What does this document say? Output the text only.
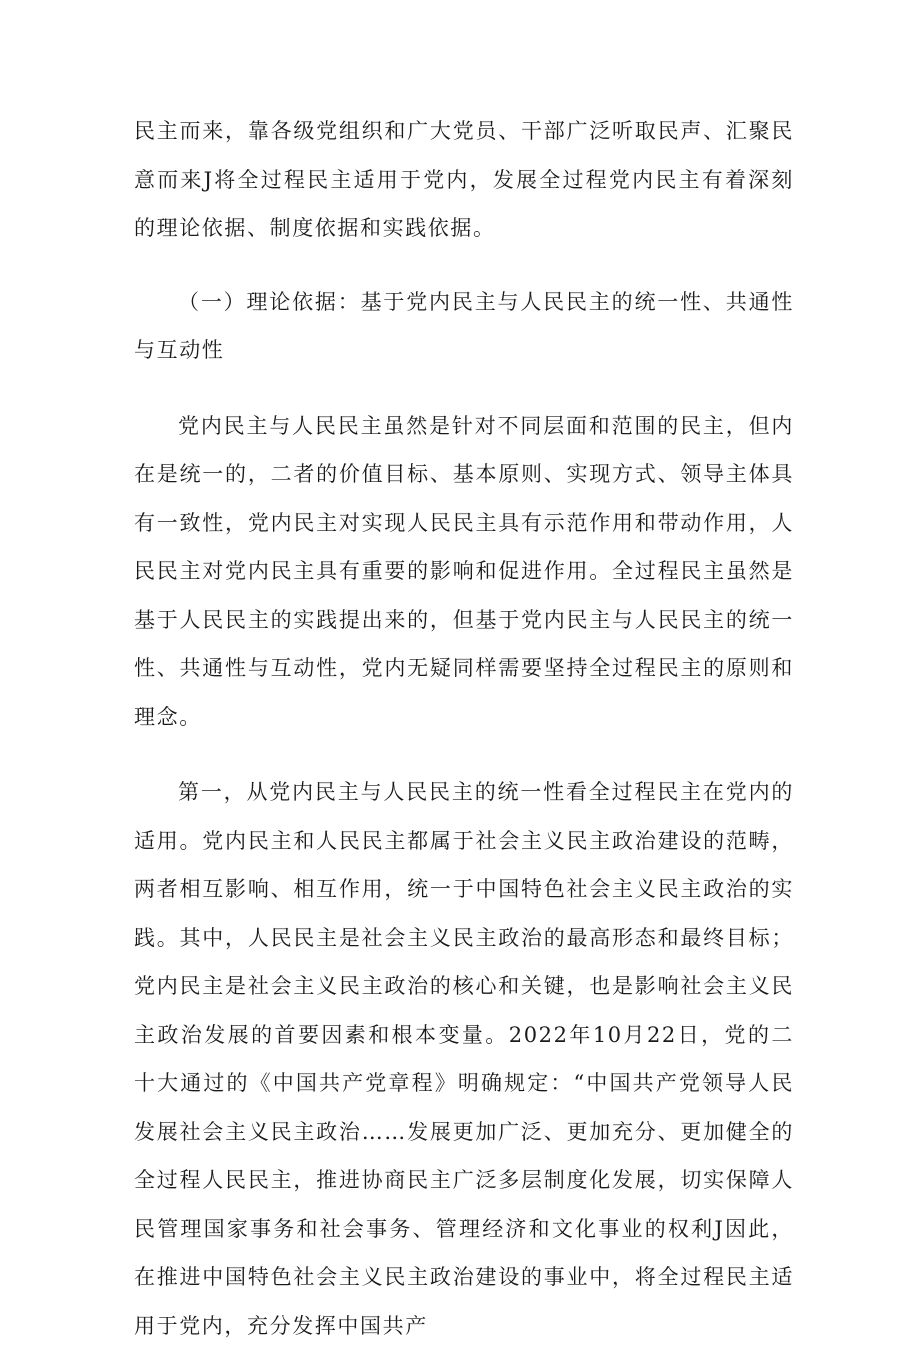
民主而来，靠各级党组织和广大党员、干部广泛听取民声、汇聚民意而来J将全过程民主适用于党内，发展全过程党内民主有着深刻的理论依据、制度依据和实践依据。

（一）理论依据：基于党内民主与人民民主的统一性、共通性与互动性

党内民主与人民民主虽然是针对不同层面和范围的民主，但内在是统一的，二者的价值目标、基本原则、实现方式、领导主体具有一致性，党内民主对实现人民民主具有示范作用和带动作用，人民民主对党内民主具有重要的影响和促进作用。全过程民主虽然是基于人民民主的实践提出来的，但基于党内民主与人民民主的统一性、共通性与互动性，党内无疑同样需要坚持全过程民主的原则和理念。

第一，从党内民主与人民民主的统一性看全过程民主在党内的适用。党内民主和人民民主都属于社会主义民主政治建设的范畴，两者相互影响、相互作用，统一于中国特色社会主义民主政治的实践。其中，人民民主是社会主义民主政治的最高形态和最终目标；党内民主是社会主义民主政治的核心和关键，也是影响社会主义民主政治发展的首要因素和根本变量。2022年10月22日，党的二十大通过的《中国共产党章程》明确规定：“中国共产党领导人民发展社会主义民主政治……发展更加广泛、更加充分、更加健全的全过程人民民主，推进协商民主广泛多层制度化发展，切实保障人民管理国家事务和社会事务、管理经济和文化事业的权利J因此，在推进中国特色社会主义民主政治建设的事业中，将全过程民主适用于党内，充分发挥中国共产
